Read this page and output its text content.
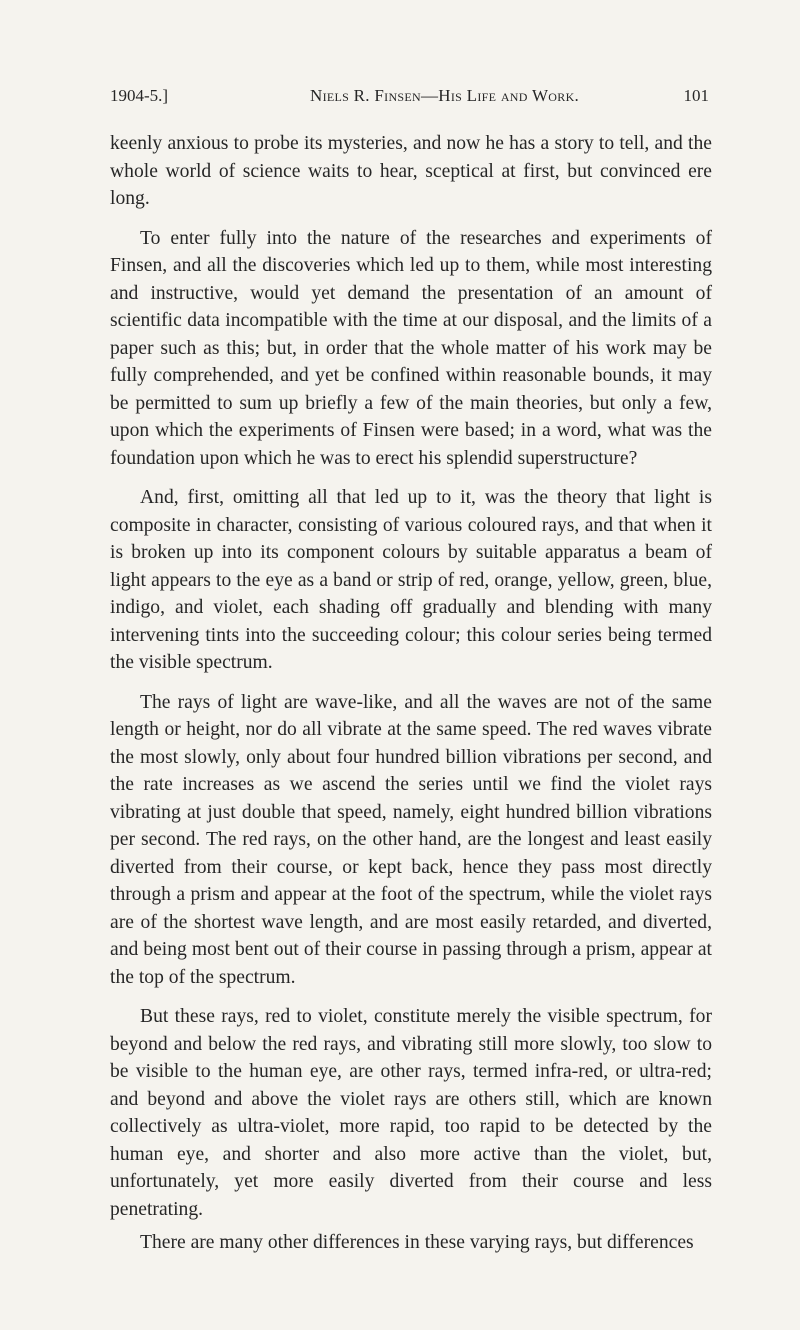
1904-5.]	Niels R. Finsen—His Life and Work.	101

keenly anxious to probe its mysteries, and now he has a story to tell, and the whole world of science waits to hear, sceptical at first, but convinced ere long.

To enter fully into the nature of the researches and experiments of Finsen, and all the discoveries which led up to them, while most interesting and instructive, would yet demand the presentation of an amount of scientific data incompatible with the time at our disposal, and the limits of a paper such as this; but, in order that the whole matter of his work may be fully comprehended, and yet be confined within reasonable bounds, it may be permitted to sum up briefly a few of the main theories, but only a few, upon which the experiments of Finsen were based; in a word, what was the foundation upon which he was to erect his splendid superstructure?

And, first, omitting all that led up to it, was the theory that light is composite in character, consisting of various coloured rays, and that when it is broken up into its component colours by suitable apparatus a beam of light appears to the eye as a band or strip of red, orange, yellow, green, blue, indigo, and violet, each shading off gradually and blending with many intervening tints into the succeeding colour; this colour series being termed the visible spectrum.

The rays of light are wave-like, and all the waves are not of the same length or height, nor do all vibrate at the same speed. The red waves vibrate the most slowly, only about four hundred billion vibrations per second, and the rate increases as we ascend the series until we find the violet rays vibrating at just double that speed, namely, eight hundred billion vibrations per second. The red rays, on the other hand, are the longest and least easily diverted from their course, or kept back, hence they pass most directly through a prism and appear at the foot of the spectrum, while the violet rays are of the shortest wave length, and are most easily retarded, and diverted, and being most bent out of their course in passing through a prism, appear at the top of the spectrum.

But these rays, red to violet, constitute merely the visible spectrum, for beyond and below the red rays, and vibrating still more slowly, too slow to be visible to the human eye, are other rays, termed infra-red, or ultra-red; and beyond and above the violet rays are others still, which are known collectively as ultra-violet, more rapid, too rapid to be detected by the human eye, and shorter and also more active than the violet, but, unfortunately, yet more easily diverted from their course and less penetrating.

There are many other differences in these varying rays, but differences
